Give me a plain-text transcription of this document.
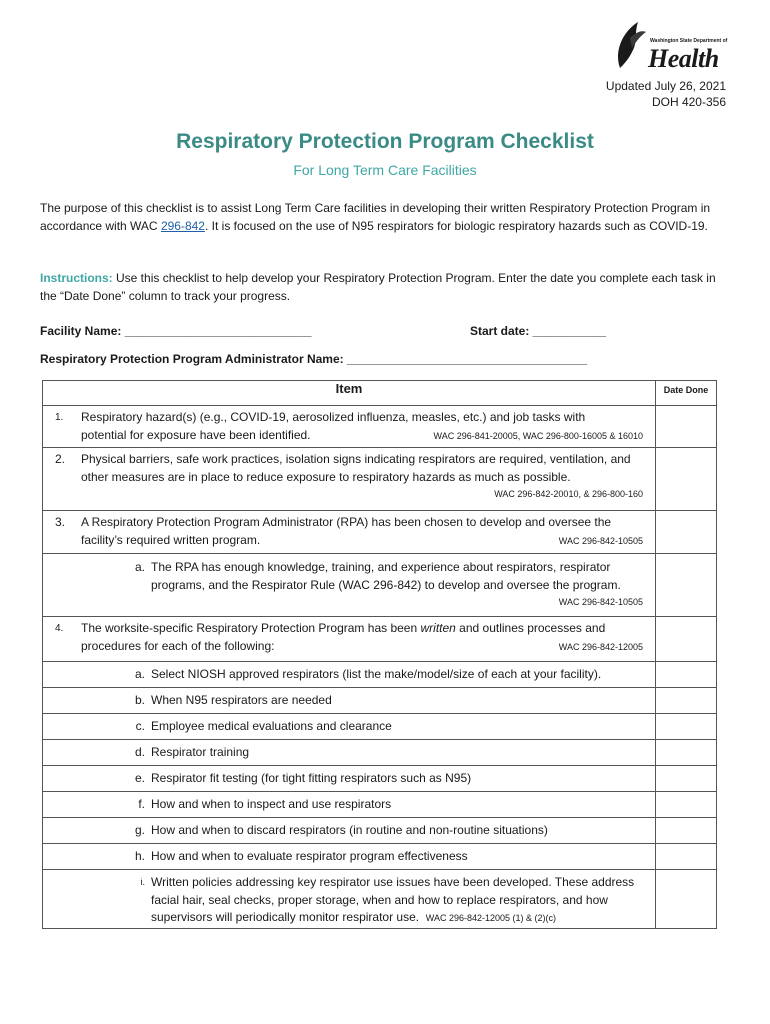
Washington State Department of
Health
Updated July 26, 2021
DOH 420-356
Respiratory Protection Program Checklist
For Long Term Care Facilities
The purpose of this checklist is to assist Long Term Care facilities in developing their written Respiratory Protection Program in accordance with WAC 296-842. It is focused on the use of N95 respirators for biologic respiratory hazards such as COVID-19.
Instructions: Use this checklist to help develop your Respiratory Protection Program. Enter the date you complete each task in the “Date Done” column to track your progress.
Facility Name: ____________________________	Start date: ___________
Respiratory Protection Program Administrator Name: ____________________________________
Item	Date Done

1. Respiratory hazard(s) (e.g., COVID-19, aerosolized influenza, measles, etc.) and job tasks with
potential for exposure have been identified. WAC 296-841-20005, WAC 296-800-16005 & 16010	

2. Physical barriers, safe work practices, isolation signs indicating respirators are required, ventilation, and other measures are in place to reduce exposure to respiratory hazards as much as possible.
WAC 296-842-20010, & 296-800-160	

3. A Respiratory Protection Program Administrator (RPA) has been chosen to develop and oversee the
facility’s required written program. WAC 296-842-10505	

a. The RPA has enough knowledge, training, and experience about respirators, respirator programs, and the Respirator Rule (WAC 296-842) to develop and oversee the program.
WAC 296-842-10505	

4. The worksite-specific Respiratory Protection Program has been written and outlines processes and
procedures for each of the following: WAC 296-842-12005	

a. Select NIOSH approved respirators (list the make/model/size of each at your facility).	

b. When N95 respirators are needed	

c. Employee medical evaluations and clearance	

d. Respirator training	

e. Respirator fit testing (for tight fitting respirators such as N95)	

f. How and when to inspect and use respirators	

g. How and when to discard respirators (in routine and non-routine situations)	

h. How and when to evaluate respirator program effectiveness	

i. Written policies addressing key respirator use issues have been developed. These address facial hair, seal checks, proper storage, when and how to replace respirators, and how supervisors will periodically monitor respirator use. WAC 296-842-12005 (1) & (2)(c)	
